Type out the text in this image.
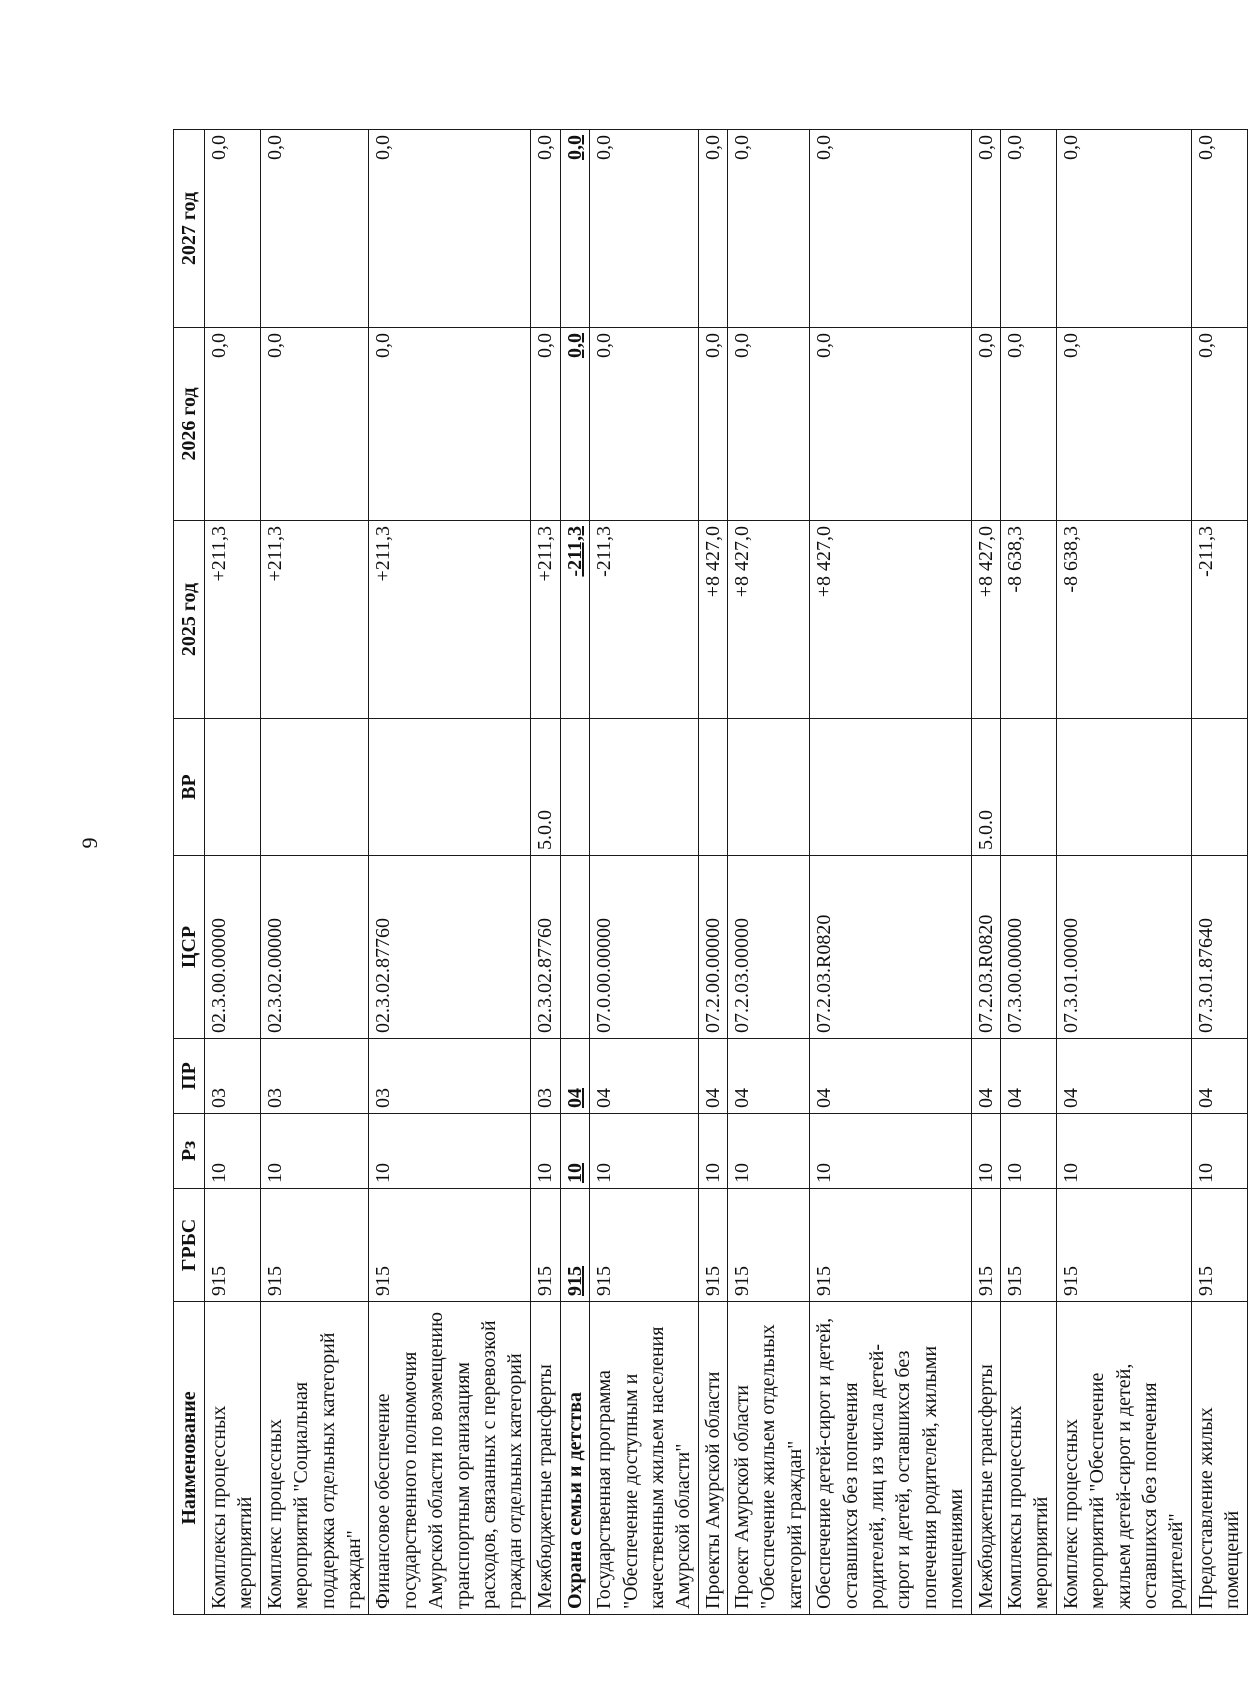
9
Наименование	ГРБС	Рз	ПР	ЦСР	ВР	2025 год	2026 год	2027 год
Комплексы процессных мероприятий	915	10	03	02.3.00.00000		+211,3	0,0	0,0
Комплекс процессных мероприятий "Социальная поддержка отдельных категорий граждан"	915	10	03	02.3.02.00000		+211,3	0,0	0,0
Финансовое обеспечение государственного полномочия Амурской области по возмещению транспортным организациям расходов, связанных с перевозкой граждан отдельных категорий	915	10	03	02.3.02.87760		+211,3	0,0	0,0
Межбюджетные трансферты	915	10	03	02.3.02.87760	5.0.0	+211,3	0,0	0,0
Охрана семьи и детства	915	10	04			-211,3	0,0	0,0
Государственная программа "Обеспечение доступным и качественным жильем населения Амурской области"	915	10	04	07.0.00.00000		-211,3	0,0	0,0
Проекты Амурской области	915	10	04	07.2.00.00000		+8 427,0	0,0	0,0
Проект Амурской области "Обеспечение жильем отдельных категорий граждан"	915	10	04	07.2.03.00000		+8 427,0	0,0	0,0
Обеспечение детей-сирот и детей, оставшихся без попечения родителей, лиц из числа детей-сирот и детей, оставшихся без попечения родителей, жилыми помещениями	915	10	04	07.2.03.R0820		+8 427,0	0,0	0,0
Межбюджетные трансферты	915	10	04	07.2.03.R0820	5.0.0	+8 427,0	0,0	0,0
Комплексы процессных мероприятий	915	10	04	07.3.00.00000		-8 638,3	0,0	0,0
Комплекс процессных мероприятий "Обеспечение жильем детей-сирот и детей, оставшихся без попечения родителей"	915	10	04	07.3.01.00000		-8 638,3	0,0	0,0
Предоставление жилых помещений	915	10	04	07.3.01.87640		-211,3	0,0	0,0
